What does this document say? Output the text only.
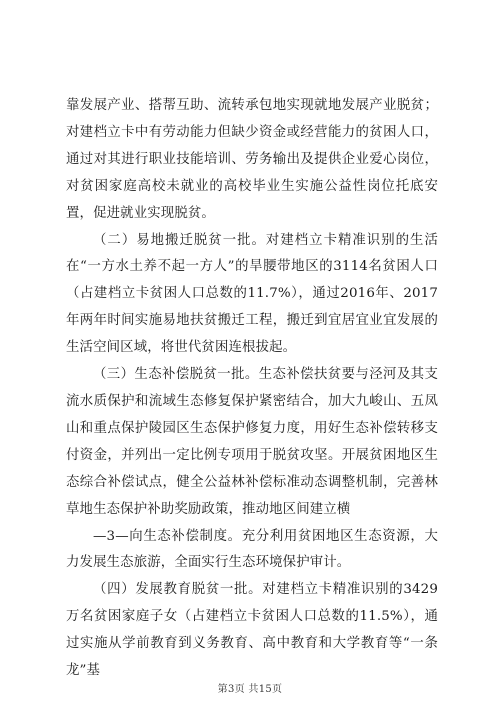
靠发展产业、搭帮互助、流转承包地实现就地发展产业脱贫；对建档立卡中有劳动能力但缺少资金或经营能力的贫困人口，通过对其进行职业技能培训、劳务输出及提供企业爱心岗位，对贫困家庭高校未就业的高校毕业生实施公益性岗位托底安置，促进就业实现脱贫。

（二）易地搬迁脱贫一批。对建档立卡精准识别的生活在“一方水土养不起一方人”的旱腰带地区的3114名贫困人口（占建档立卡贫困人口总数的11.7%），通过2016年、2017年两年时间实施易地扶贫搬迁工程，搬迁到宜居宜业宜发展的生活空间区域，将世代贫困连根拔起。

（三）生态补偿脱贫一批。生态补偿扶贫要与泾河及其支流水质保护和流域生态修复保护紧密结合，加大九峻山、五凤山和重点保护陵园区生态保护修复力度，用好生态补偿转移支付资金，并列出一定比例专项用于脱贫攻坚。开展贫困地区生态综合补偿试点，健全公益林补偿标准动态调整机制，完善林草地生态保护补助奖励政策，推动地区间建立横

—3—向生态补偿制度。充分利用贫困地区生态资源，大力发展生态旅游，全面实行生态环境保护审计。

（四）发展教育脱贫一批。对建档立卡精准识别的3429万名贫困家庭子女（占建档立卡贫困人口总数的11.5%），通过实施从学前教育到义务教育、高中教育和大学教育等“一条龙”基

第3页 共15页
